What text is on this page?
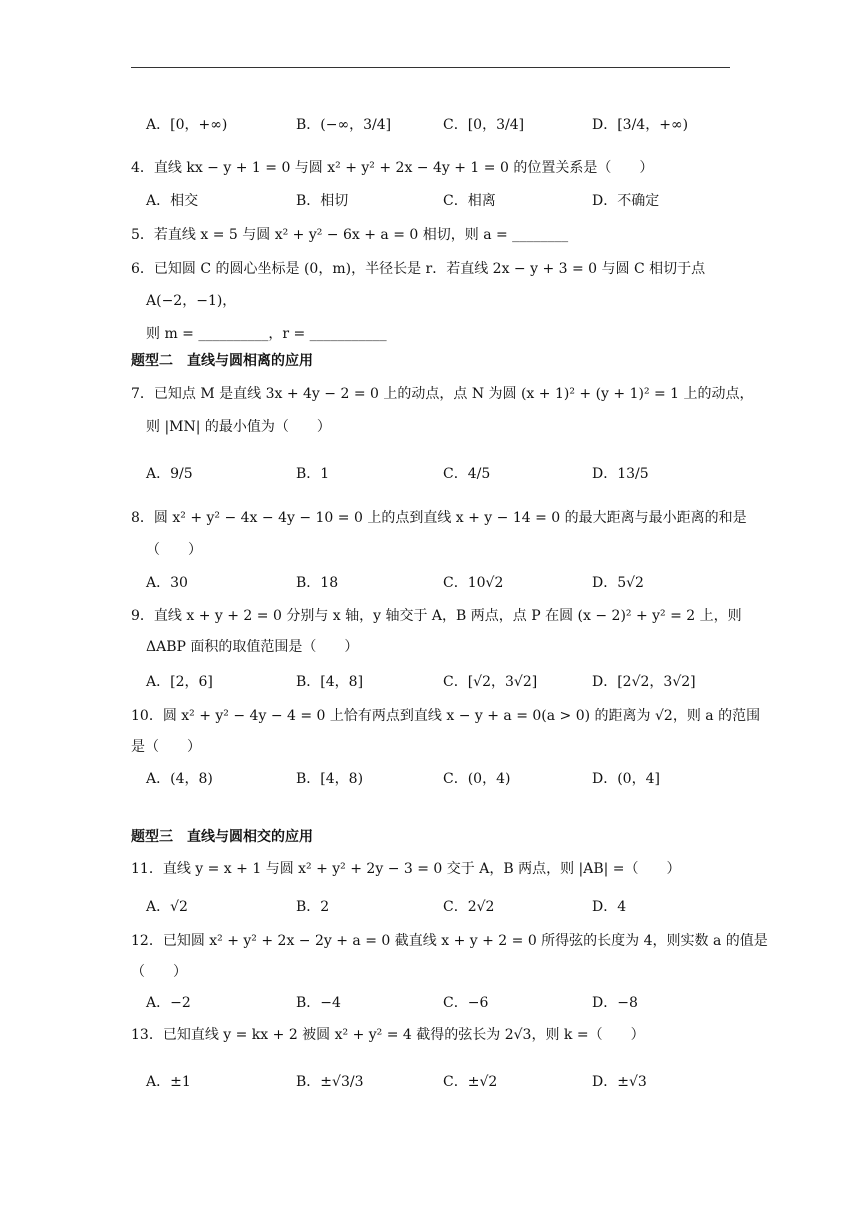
A．[0，+∞)	B．(−∞，3/4]	C．[0，3/4]	D．[3/4，+∞)
4．直线 kx − y + 1 = 0 与圆 x² + y² + 2x − 4y + 1 = 0 的位置关系是（　　）
A．相交	B．相切	C．相离	D．不确定
5．若直线 x = 5 与圆 x² + y² − 6x + a = 0 相切，则 a = ________
6．已知圆 C 的圆心坐标是 (0，m)，半径长是 r．若直线 2x − y + 3 = 0 与圆 C 相切于点
A(−2，−1)，
则 m = __________，r = ___________
题型二　直线与圆相离的应用
7．已知点 M 是直线 3x + 4y − 2 = 0 上的动点，点 N 为圆 (x + 1)² + (y + 1)² = 1 上的动点，
则 |MN| 的最小值为（　　）
A．9/5	B．1	C．4/5	D．13/5
8．圆 x² + y² − 4x − 4y − 10 = 0 上的点到直线 x + y − 14 = 0 的最大距离与最小距离的和是
（　　）
A．30	B．18	C．10√2	D．5√2
9．直线 x + y + 2 = 0 分别与 x 轴，y 轴交于 A，B 两点，点 P 在圆 (x − 2)² + y² = 2 上，则
ΔABP 面积的取值范围是（　　）
A．[2，6]	B．[4，8]	C．[√2，3√2]	D．[2√2，3√2]
10．圆 x² + y² − 4y − 4 = 0 上恰有两点到直线 x − y + a = 0(a > 0) 的距离为 √2，则 a 的范围
是（　　）
A．(4，8)	B．[4，8)	C．(0，4)	D．(0，4]
题型三　直线与圆相交的应用
11．直线 y = x + 1 与圆 x² + y² + 2y − 3 = 0 交于 A，B 两点，则 |AB| =（　　）
A．√2	B．2	C．2√2	D．4
12．已知圆 x² + y² + 2x − 2y + a = 0 截直线 x + y + 2 = 0 所得弦的长度为 4，则实数 a 的值是
（　　）
A．−2	B．−4	C．−6	D．−8
13．已知直线 y = kx + 2 被圆 x² + y² = 4 截得的弦长为 2√3，则 k =（　　）
A．±1	B．±√3/3	C．±√2	D．±√3
